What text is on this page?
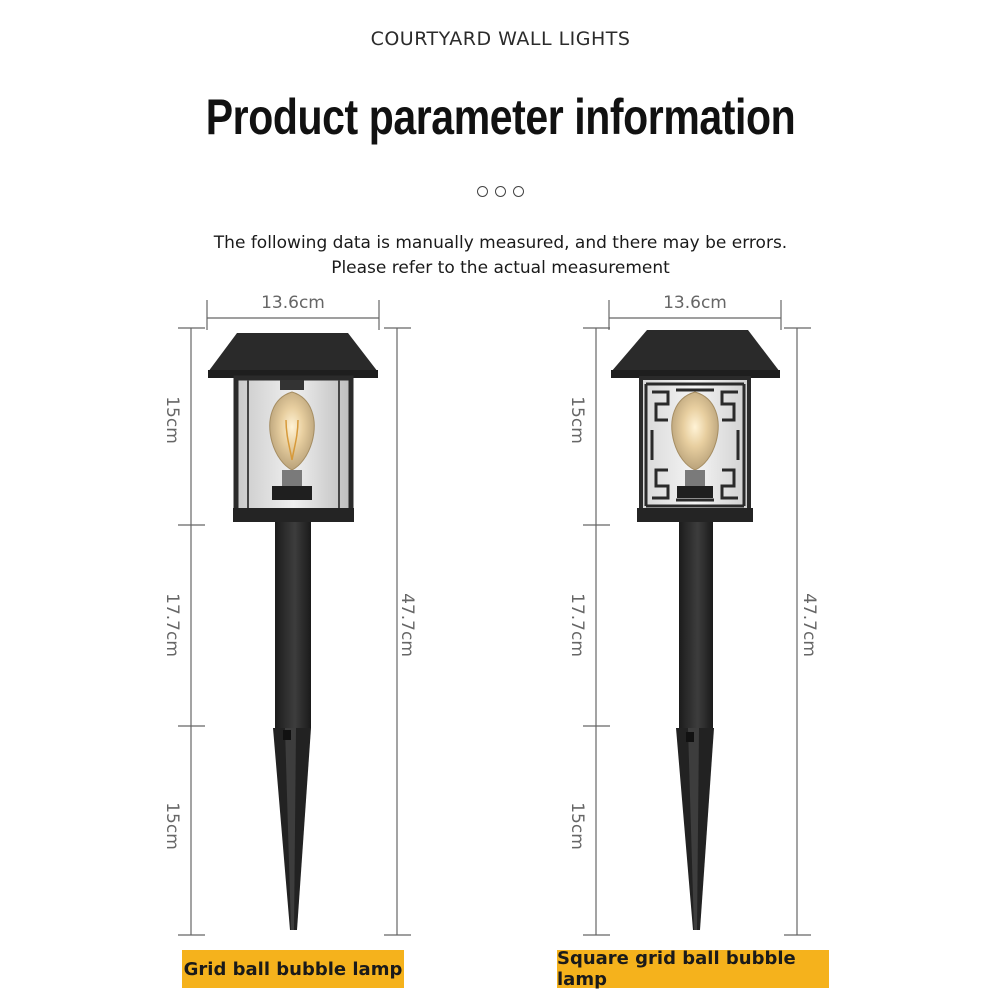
COURTYARD WALL LIGHTS
Product parameter information
The following data is manually measured, and there may be errors.
Please refer to the actual measurement
13.6cm
15cm
17.7cm
15cm
47.7cm
13.6cm
15cm
17.7cm
15cm
47.7cm
Grid ball bubble lamp	Square grid ball bubble lamp
